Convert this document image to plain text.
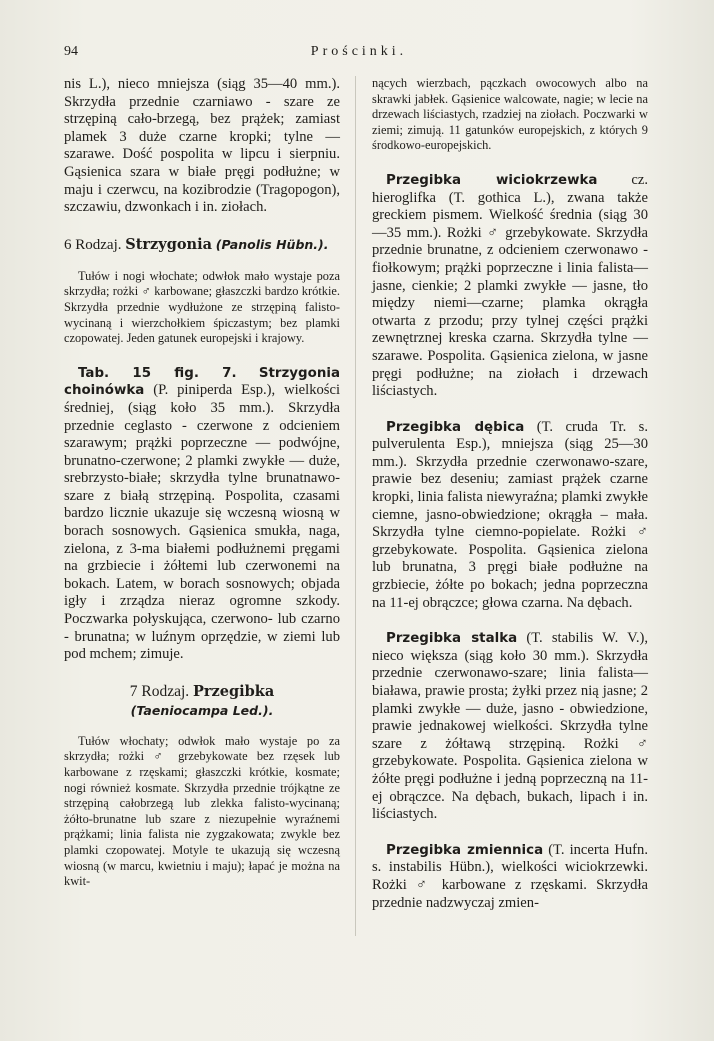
94	Prościnki.

nis L.), nieco mniejsza (siąg 35—40 mm.). Skrzydła przednie czarniawo - szare ze strzępiną cało-brzegą, bez prążek; zamiast plamek 3 duże czarne kropki; tylne — szarawe. Dość pospolita w lipcu i sierpniu. Gąsienica szara w białe pręgi podłużne; w maju i czerwcu, na kozibrodzie (Tragopogon), szczawiu, dzwonkach i in. ziołach.

6 Rodzaj. Strzygonia (Panolis Hübn.).

Tułów i nogi włochate; odwłok mało wystaje poza skrzydła; rożki ♂ karbowane; głaszczki bardzo krótkie. Skrzydła przednie wydłużone ze strzępiną falisto-wycinaną i wierzchołkiem śpiczastym; bez plamki czopowatej. Jeden gatunek europejski i krajowy.

Tab. 15 fig. 7. Strzygonia choinówka (P. piniperda Esp.), wielkości średniej, (siąg koło 35 mm.). Skrzydła przednie ceglasto - czerwone z odcieniem szarawym; prążki poprzeczne — podwójne, brunatno-czerwone; 2 plamki zwykłe — duże, srebrzysto-białe; skrzydła tylne brunatnawo-szare z białą strzępiną. Pospolita, czasami bardzo licznie ukazuje się wczesną wiosną w borach sosnowych. Gąsienica smukła, naga, zielona, z 3-ma białemi podłużnemi pręgami na grzbiecie i żółtemi lub czerwonemi na bokach. Latem, w borach sosnowych; objada igły i zrządza nieraz ogromne szkody. Poczwarka połyskująca, czerwono- lub czarno - brunatna; w luźnym oprzędzie, w ziemi lub pod mchem; zimuje.

7 Rodzaj. Przegibka
(Taeniocampa Led.).

Tułów włochaty; odwłok mało wystaje po za skrzydła; rożki ♂ grzebykowate bez rzęsek lub karbowane z rzęskami; głaszczki krótkie, kosmate; nogi również kosmate. Skrzydła przednie trójkątne ze strzępiną całobrzegą lub zlekka falisto-wycinaną; żółto-brunatne lub szare z niezupełnie wyraźnemi prążkami; linia falista nie zygzakowata; zwykle bez plamki czopowatej. Motyle te ukazują się wczesną wiosną (w marcu, kwietniu i maju); łapać je można na kwit-

nących wierzbach, pączkach owocowych albo na skrawki jabłek. Gąsienice walcowate, nagie; w lecie na drzewach liściastych, rzadziej na ziołach. Poczwarki w ziemi; zimują. 11 gatunków europejskich, z których 9 środkowo-europejskich.

Przegibka wiciokrzewka cz. hieroglifka (T. gothica L.), zwana także greckiem pismem. Wielkość średnia (siąg 30—35 mm.). Rożki ♂ grzebykowate. Skrzydła przednie brunatne, z odcieniem czerwonawo - fiołkowym; prążki poprzeczne i linia falista—jasne, cienkie; 2 plamki zwykłe — jasne, tło między niemi—czarne; plamka okrągła otwarta z przodu; przy tylnej części prążki zewnętrznej kreska czarna. Skrzydła tylne —szarawe. Pospolita. Gąsienica zielona, w jasne pręgi podłużne; na ziołach i drzewach liściastych.

Przegibka dębica (T. cruda Tr. s. pulverulenta Esp.), mniejsza (siąg 25—30 mm.). Skrzydła przednie czerwonawo-szare, prawie bez deseniu; zamiast prążek czarne kropki, linia falista niewyraźna; plamki zwykłe ciemne, jasno-obwiedzione; okrągła – mała. Skrzydła tylne ciemno-popielate. Rożki ♂ grzebykowate. Pospolita. Gąsienica zielona lub brunatna, 3 pręgi białe podłużne na grzbiecie, żółte po bokach; jedna poprzeczna na 11-ej obrączce; głowa czarna. Na dębach.

Przegibka stalka (T. stabilis W. V.), nieco większa (siąg koło 30 mm.). Skrzydła przednie czerwonawo-szare; linia falista—biaława, prawie prosta; żyłki przez nią jasne; 2 plamki zwykłe — duże, jasno - obwiedzione, prawie jednakowej wielkości. Skrzydła tylne szare z żółtawą strzępiną. Rożki ♂ grzebykowate. Pospolita. Gąsienica zielona w żółte pręgi podłużne i jedną poprzeczną na 11-ej obrączce. Na dębach, bukach, lipach i in. liściastych.

Przegibka zmiennica (T. incerta Hufn. s. instabilis Hübn.), wielkości wiciokrzewki. Rożki ♂ karbowane z rzęskami. Skrzydła przednie nadzwyczaj zmien-
